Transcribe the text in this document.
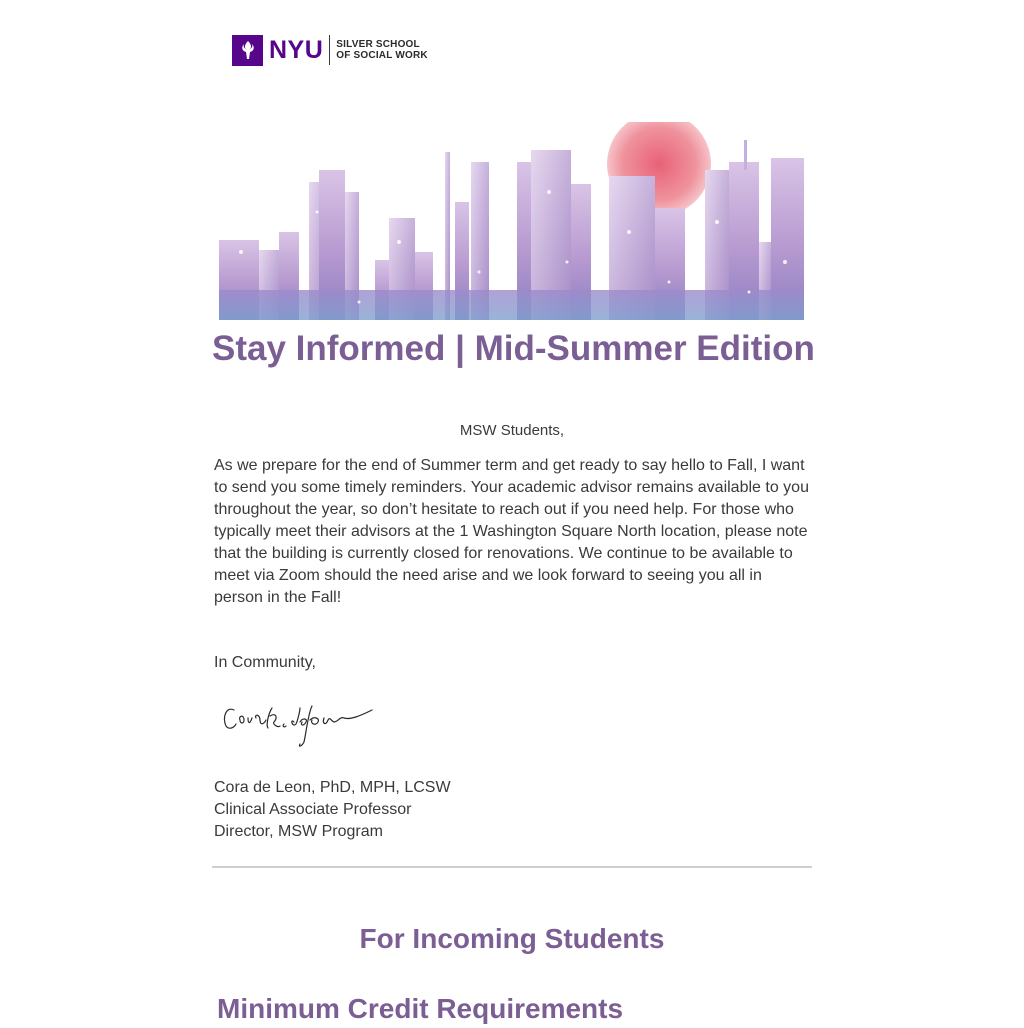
NYU SILVER SCHOOL
OF SOCIAL WORK
Stay Informed | Mid-Summer Edition
MSW Students,

As we prepare for the end of Summer term and get ready to say hello to Fall, I want to send you some timely reminders. Your academic advisor remains available to you throughout the year, so don’t hesitate to reach out if you need help. For those who typically meet their advisors at the 1 Washington Square North location, please note that the building is currently closed for renovations. We continue to be available to meet via Zoom should the need arise and we look forward to seeing you all in person in the Fall!

In Community,
Cora de Leon, PhD, MPH, LCSW
Clinical Associate Professor
Director, MSW Program
For Incoming Students
Minimum Credit Requirements
